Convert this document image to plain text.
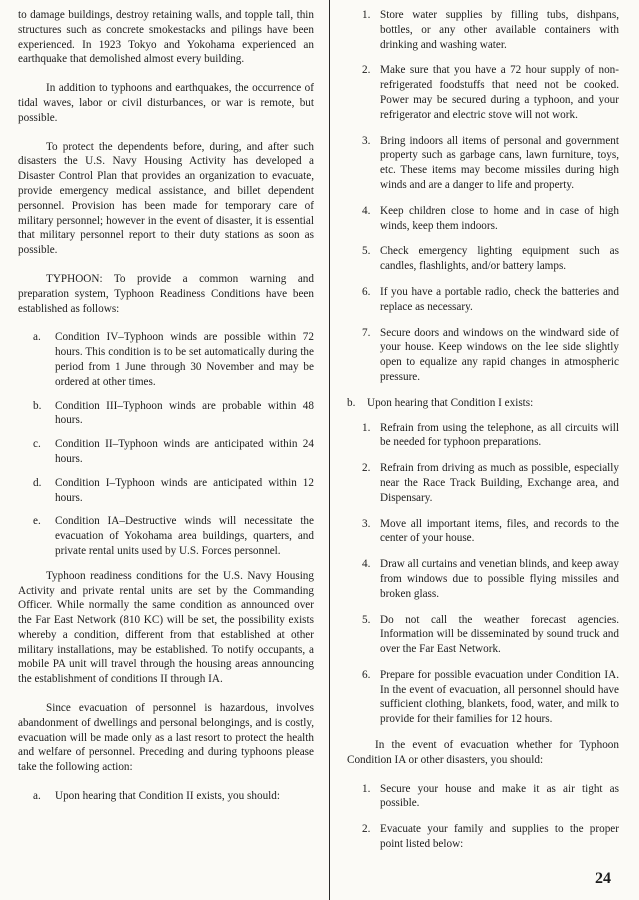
to damage buildings, destroy retaining walls, and topple tall, thin structures such as concrete smokestacks and pilings have been experienced. In 1923 Tokyo and Yokohama experienced an earthquake that demolished almost every building.

In addition to typhoons and earthquakes, the occurrence of tidal waves, labor or civil disturbances, or war is remote, but possible.

To protect the dependents before, during, and after such disasters the U.S. Navy Housing Activity has developed a Disaster Control Plan that provides an organization to evacuate, provide emergency medical assistance, and billet dependent personnel. Provision has been made for temporary care of military personnel; however in the event of disaster, it is essential that military personnel report to their duty stations as soon as possible.

TYPHOON: To provide a common warning and preparation system, Typhoon Readiness Conditions have been established as follows:

a. Condition IV–Typhoon winds are possible within 72 hours. This condition is to be set automatically during the period from 1 June through 30 November and may be ordered at other times.
b. Condition III–Typhoon winds are probable within 48 hours.
c. Condition II–Typhoon winds are anticipated within 24 hours.
d. Condition I–Typhoon winds are anticipated within 12 hours.
e. Condition IA–Destructive winds will necessitate the evacuation of Yokohama area buildings, quarters, and private rental units used by U.S. Forces personnel.

Typhoon readiness conditions for the U.S. Navy Housing Activity and private rental units are set by the Commanding Officer. While normally the same condition as announced over the Far East Network (810 KC) will be set, the possibility exists whereby a condition, different from that established at other military installations, may be established. To notify occupants, a mobile PA unit will travel through the housing areas announcing the establishment of conditions II through IA.

Since evacuation of personnel is hazardous, involves abandonment of dwellings and personal belongings, and is costly, evacuation will be made only as a last resort to protect the health and welfare of personnel. Preceding and during typhoons please take the following action:

a. Upon hearing that Condition II exists, you should:
1. Store water supplies by filling tubs, dishpans, bottles, or any other available containers with drinking and washing water.
2. Make sure that you have a 72 hour supply of non-refrigerated foodstuffs that need not be cooked. Power may be secured during a typhoon, and your refrigerator and electric stove will not work.
3. Bring indoors all items of personal and government property such as garbage cans, lawn furniture, toys, etc. These items may become missiles during high winds and are a danger to life and property.
4. Keep children close to home and in case of high winds, keep them indoors.
5. Check emergency lighting equipment such as candles, flashlights, and/or battery lamps.
6. If you have a portable radio, check the batteries and replace as necessary.
7. Secure doors and windows on the windward side of your house. Keep windows on the lee side slightly open to equalize any rapid changes in atmospheric pressure.
b. Upon hearing that Condition I exists:
1. Refrain from using the telephone, as all circuits will be needed for typhoon preparations.
2. Refrain from driving as much as possible, especially near the Race Track Building, Exchange area, and Dispensary.
3. Move all important items, files, and records to the center of your house.
4. Draw all curtains and venetian blinds, and keep away from windows due to possible flying missiles and broken glass.
5. Do not call the weather forecast agencies. Information will be disseminated by sound truck and over the Far East Network.
6. Prepare for possible evacuation under Condition IA. In the event of evacuation, all personnel should have sufficient clothing, blankets, food, water, and milk to provide for their families for 12 hours.

In the event of evacuation whether for Typhoon Condition IA or other disasters, you should:

1. Secure your house and make it as air tight as possible.
2. Evacuate your family and supplies to the proper point listed below:
24
